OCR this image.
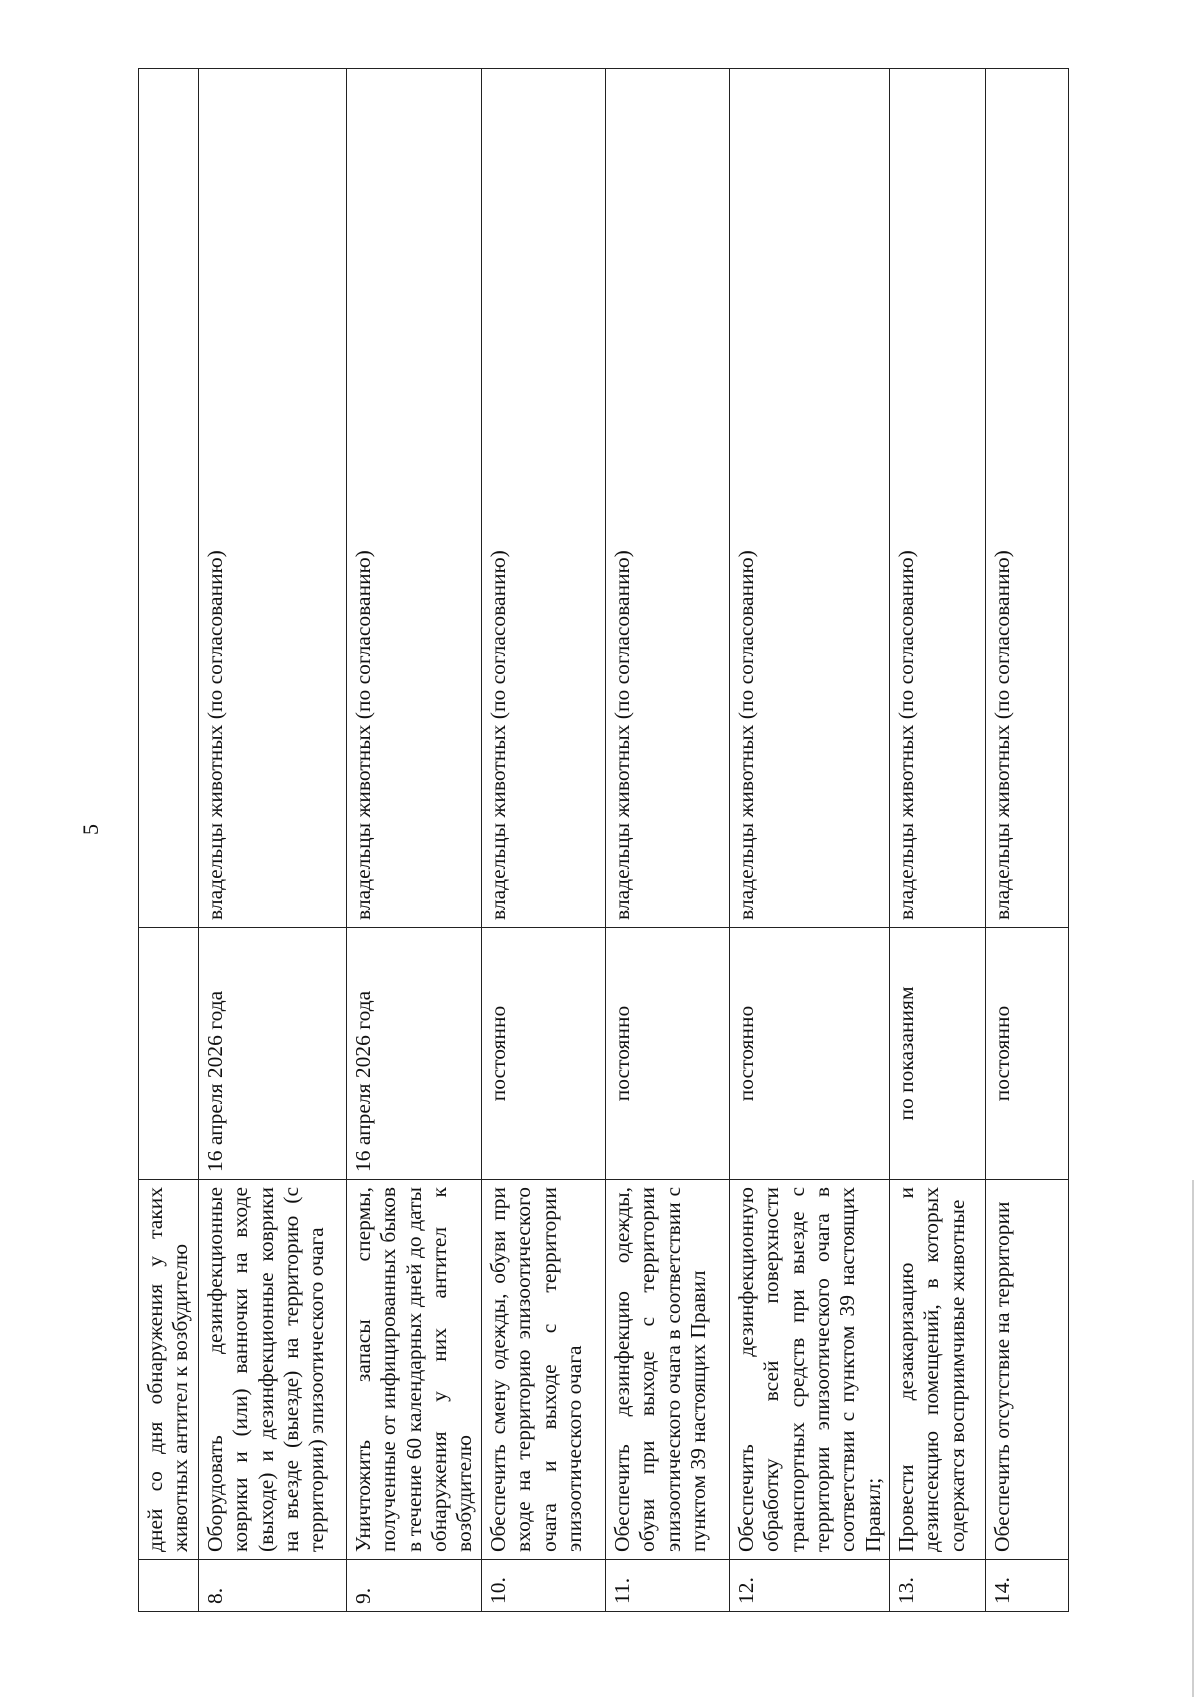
5
	дней со дня обнаружения у таких животных антител к возбудителю		
8.	Оборудовать дезинфекционные коврики и (или) ванночки на входе (выходе) и дезинфекционные коврики на въезде (выезде) на территорию (с территории) эпизоотического очага	16 апреля 2026 года	владельцы животных (по согласованию)
9.	Уничтожить запасы спермы, полученные от инфицированных быков в течение 60 календарных дней до даты обнаружения у них антител к возбудителю	16 апреля 2026 года	владельцы животных (по согласованию)
10.	Обеспечить смену одежды, обуви при входе на территорию эпизоотического очага и выходе с территории эпизоотического очага	постоянно	владельцы животных (по согласованию)
11.	Обеспечить дезинфекцию одежды, обуви при выходе с территории эпизоотического очага в соответствии с пунктом 39 настоящих Правил	постоянно	владельцы животных (по согласованию)
12.	Обеспечить дезинфекционную обработку всей поверхности транспортных средств при выезде с территории эпизоотического очага в соответствии с пунктом 39 настоящих Правил;	постоянно	владельцы животных (по согласованию)
13.	Провести дезакаризацию и дезинсекцию помещений, в которых содержатся восприимчивые животные	по показаниям	владельцы животных (по согласованию)
14.	Обеспечить отсутствие на территории	постоянно	владельцы животных (по согласованию)
